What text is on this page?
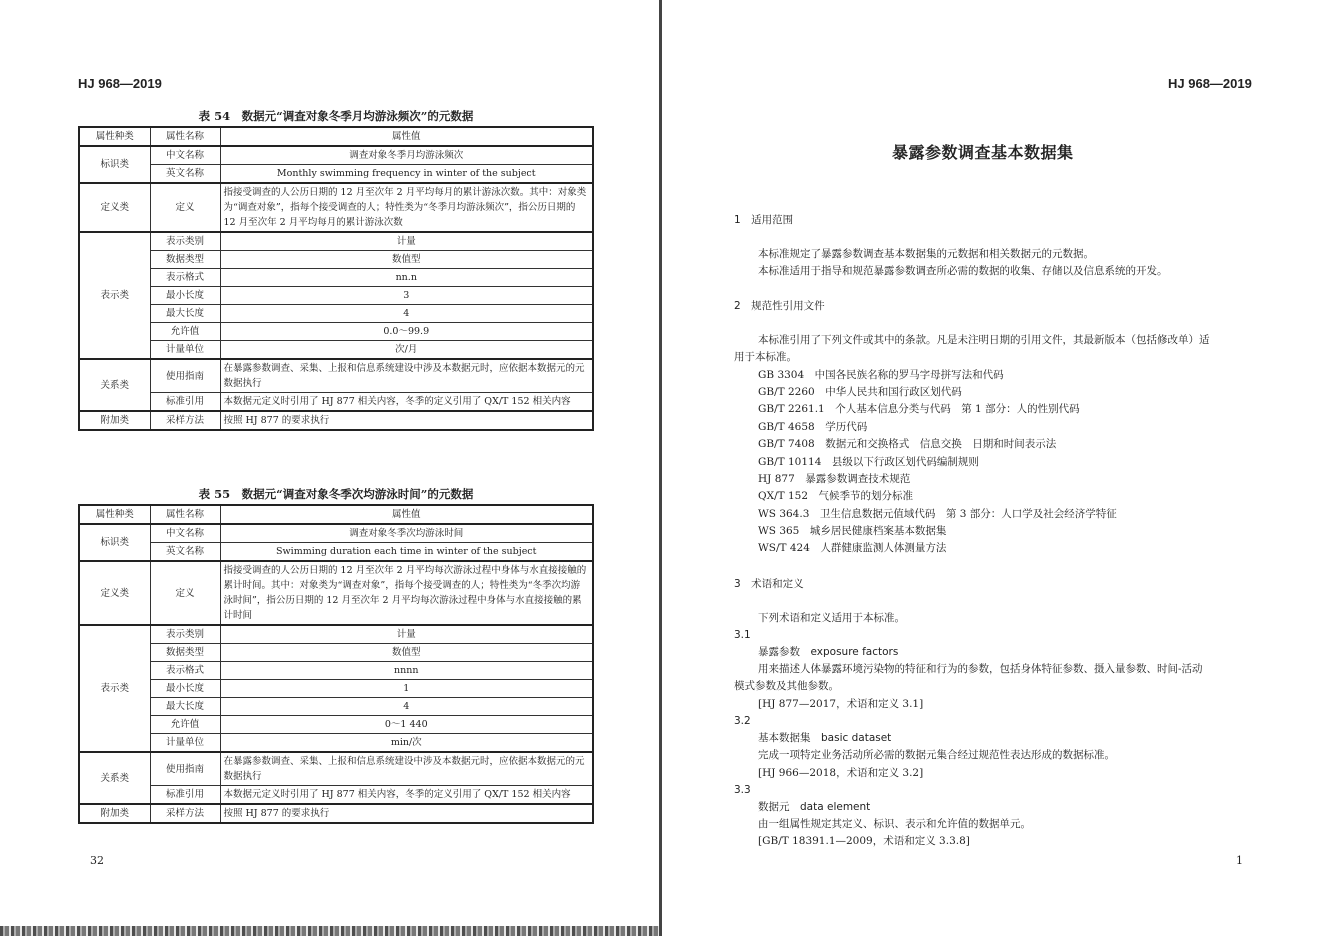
HJ 968—2019
表 54　数据元“调查对象冬季月均游泳频次”的元数据
属性种类	属性名称	属性值
标识类	中文名称	调查对象冬季月均游泳频次
	英文名称	Monthly swimming frequency in winter of the subject
定义类	定义	指接受调查的人公历日期的 12 月至次年 2 月平均每月的累计游泳次数。其中：对象类为“调查对象”，指每个接受调查的人；特性类为“冬季月均游泳频次”，指公历日期的 12 月至次年 2 月平均每月的累计游泳次数
表示类	表示类别	计量
	数据类型	数值型
	表示格式	nn.n
	最小长度	3
	最大长度	4
	允许值	0.0～99.9
	计量单位	次/月
关系类	使用指南	在暴露参数调查、采集、上报和信息系统建设中涉及本数据元时，应依据本数据元的元数据执行
	标准引用	本数据元定义时引用了 HJ 877 相关内容，冬季的定义引用了 QX/T 152 相关内容
附加类	采样方法	按照 HJ 877 的要求执行
表 55　数据元“调查对象冬季次均游泳时间”的元数据
属性种类	属性名称	属性值
标识类	中文名称	调查对象冬季次均游泳时间
	英文名称	Swimming duration each time in winter of the subject
定义类	定义	指接受调查的人公历日期的 12 月至次年 2 月平均每次游泳过程中身体与水直接接触的累计时间。其中：对象类为“调查对象”，指每个接受调查的人；特性类为“冬季次均游泳时间”，指公历日期的 12 月至次年 2 月平均每次游泳过程中身体与水直接接触的累计时间
表示类	表示类别	计量
	数据类型	数值型
	表示格式	nnnn
	最小长度	1
	最大长度	4
	允许值	0～1 440
	计量单位	min/次
关系类	使用指南	在暴露参数调查、采集、上报和信息系统建设中涉及本数据元时，应依据本数据元的元数据执行
	标准引用	本数据元定义时引用了 HJ 877 相关内容，冬季的定义引用了 QX/T 152 相关内容
附加类	采样方法	按照 HJ 877 的要求执行
32
HJ 968—2019
暴露参数调查基本数据集
1　适用范围
本标准规定了暴露参数调查基本数据集的元数据和相关数据元的元数据。
本标准适用于指导和规范暴露参数调查所必需的数据的收集、存储以及信息系统的开发。
2　规范性引用文件
本标准引用了下列文件或其中的条款。凡是未注明日期的引用文件，其最新版本（包括修改单）适
用于本标准。
GB 3304　中国各民族名称的罗马字母拼写法和代码
GB/T 2260　中华人民共和国行政区划代码
GB/T 2261.1　个人基本信息分类与代码　第 1 部分：人的性别代码
GB/T 4658　学历代码
GB/T 7408　数据元和交换格式　信息交换　日期和时间表示法
GB/T 10114　县级以下行政区划代码编制规则
HJ 877　暴露参数调查技术规范
QX/T 152　气候季节的划分标准
WS 364.3　卫生信息数据元值域代码　第 3 部分：人口学及社会经济学特征
WS 365　城乡居民健康档案基本数据集
WS/T 424　人群健康监测人体测量方法
3　术语和定义
下列术语和定义适用于本标准。
3.1
暴露参数　exposure factors
用来描述人体暴露环境污染物的特征和行为的参数，包括身体特征参数、摄入量参数、时间-活动
模式参数及其他参数。
[HJ 877—2017，术语和定义 3.1]
3.2
基本数据集　basic dataset
完成一项特定业务活动所必需的数据元集合经过规范性表达形成的数据标准。
[HJ 966—2018，术语和定义 3.2]
3.3
数据元　data element
由一组属性规定其定义、标识、表示和允许值的数据单元。
[GB/T 18391.1—2009，术语和定义 3.3.8]
1
